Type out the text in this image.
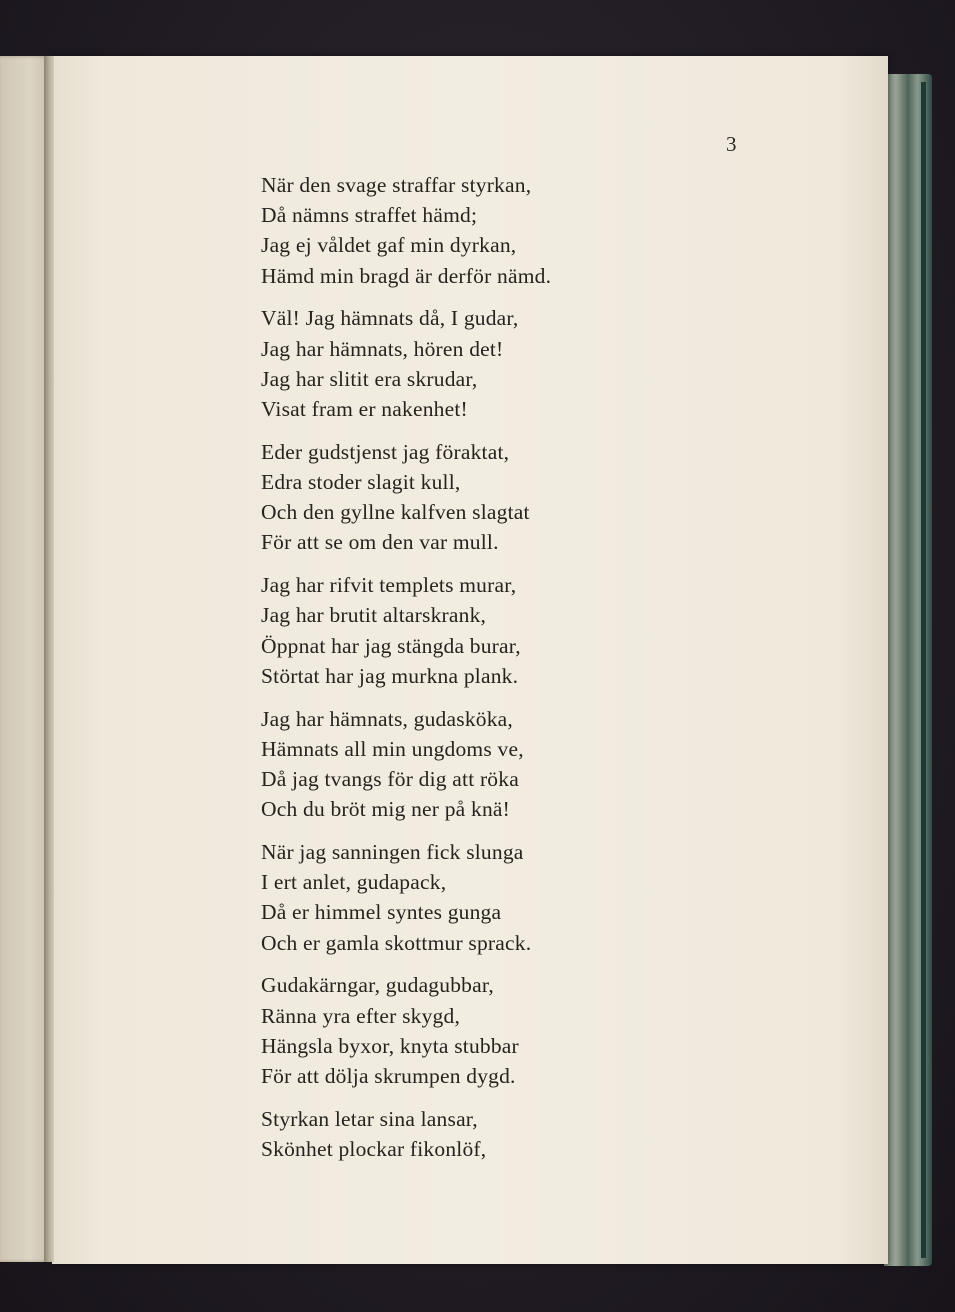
3
När den svage straffar styrkan,
Då nämns straffet hämd;
Jag ej våldet gaf min dyrkan,
Hämd min bragd är derför nämd.
Väl! Jag hämnats då, I gudar,
Jag har hämnats, hören det!
Jag har slitit era skrudar,
Visat fram er nakenhet!
Eder gudstjenst jag föraktat,
Edra stoder slagit kull,
Och den gyllne kalfven slagtat
För att se om den var mull.
Jag har rifvit templets murar,
Jag har brutit altarskrank,
Öppnat har jag stängda burar,
Störtat har jag murkna plank.
Jag har hämnats, gudasköka,
Hämnats all min ungdoms ve,
Då jag tvangs för dig att röka
Och du bröt mig ner på knä!
När jag sanningen fick slunga
I ert anlet, gudapack,
Då er himmel syntes gunga
Och er gamla skottmur sprack.
Gudakärngar, gudagubbar,
Ränna yra efter skygd,
Hängsla byxor, knyta stubbar
För att dölja skrumpen dygd.
Styrkan letar sina lansar,
Skönhet plockar fikonlöf,
